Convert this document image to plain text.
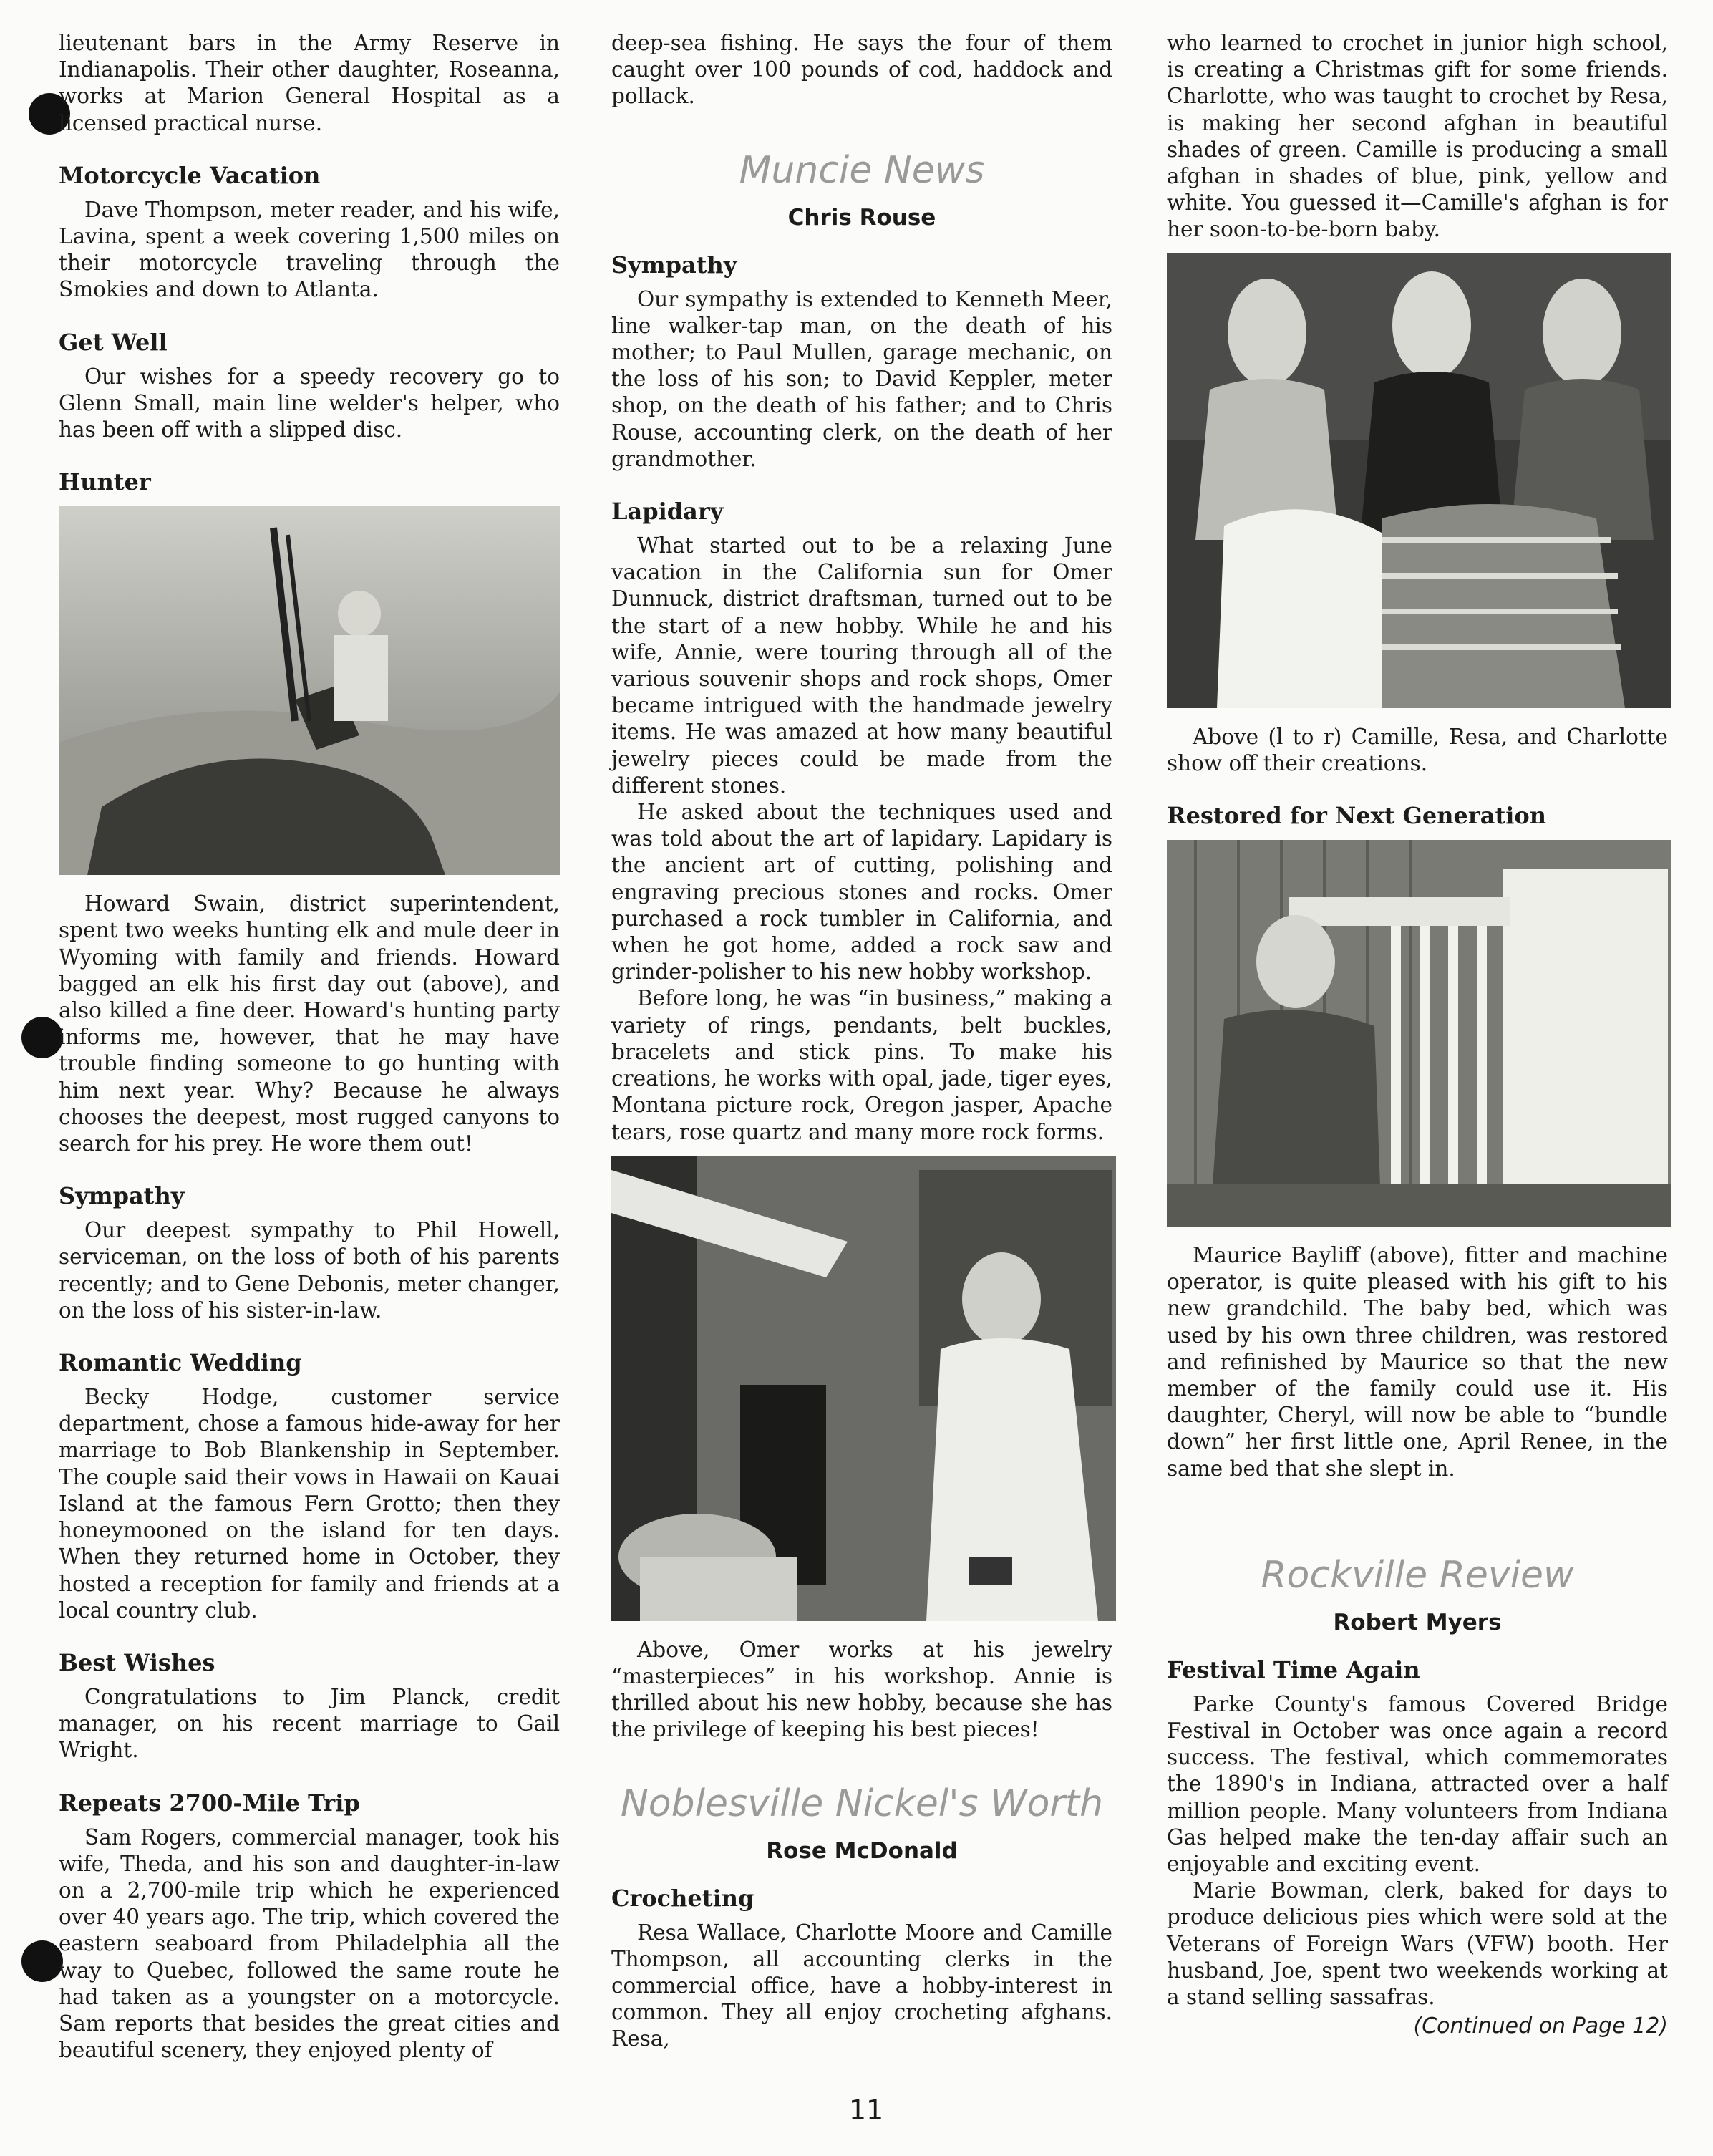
lieutenant bars in the Army Reserve in Indianapolis. Their other daughter, Roseanna, works at Marion General Hospital as a licensed practical nurse.

Motorcycle Vacation

Dave Thompson, meter reader, and his wife, Lavina, spent a week covering 1,500 miles on their motorcycle traveling through the Smokies and down to Atlanta.

Get Well

Our wishes for a speedy recovery go to Glenn Small, main line welder's helper, who has been off with a slipped disc.

Hunter

Howard Swain, district superintendent, spent two weeks hunting elk and mule deer in Wyoming with family and friends. Howard bagged an elk his first day out (above), and also killed a fine deer. Howard's hunting party informs me, however, that he may have trouble finding someone to go hunting with him next year. Why? Because he always chooses the deepest, most rugged canyons to search for his prey. He wore them out!

Sympathy

Our deepest sympathy to Phil Howell, serviceman, on the loss of both of his parents recently; and to Gene Debonis, meter changer, on the loss of his sister-in-law.

Romantic Wedding

Becky Hodge, customer service department, chose a famous hide-away for her marriage to Bob Blankenship in September. The couple said their vows in Hawaii on Kauai Island at the famous Fern Grotto; then they honeymooned on the island for ten days. When they returned home in October, they hosted a reception for family and friends at a local country club.

Best Wishes

Congratulations to Jim Planck, credit manager, on his recent marriage to Gail Wright.

Repeats 2700-Mile Trip

Sam Rogers, commercial manager, took his wife, Theda, and his son and daughter-in-law on a 2,700-mile trip which he experienced over 40 years ago. The trip, which covered the eastern seaboard from Philadelphia all the way to Quebec, followed the same route he had taken as a youngster on a motorcycle. Sam reports that besides the great cities and beautiful scenery, they enjoyed plenty of

deep-sea fishing. He says the four of them caught over 100 pounds of cod, haddock and pollack.

Muncie News
Chris Rouse
Sympathy

Our sympathy is extended to Kenneth Meer, line walker-tap man, on the death of his mother; to Paul Mullen, garage mechanic, on the loss of his son; to David Keppler, meter shop, on the death of his father; and to Chris Rouse, accounting clerk, on the death of her grandmother.

Lapidary

What started out to be a relaxing June vacation in the California sun for Omer Dunnuck, district draftsman, turned out to be the start of a new hobby. While he and his wife, Annie, were touring through all of the various souvenir shops and rock shops, Omer became intrigued with the handmade jewelry items. He was amazed at how many beautiful jewelry pieces could be made from the different stones.

He asked about the techniques used and was told about the art of lapidary. Lapidary is the ancient art of cutting, polishing and engraving precious stones and rocks. Omer purchased a rock tumbler in California, and when he got home, added a rock saw and grinder-polisher to his new hobby workshop.

Before long, he was “in business,” making a variety of rings, pendants, belt buckles, bracelets and stick pins. To make his creations, he works with opal, jade, tiger eyes, Montana picture rock, Oregon jasper, Apache tears, rose quartz and many more rock forms.

Above, Omer works at his jewelry “masterpieces” in his workshop. Annie is thrilled about his new hobby, because she has the privilege of keeping his best pieces!

Noblesville Nickel's Worth
Rose McDonald
Crocheting

Resa Wallace, Charlotte Moore and Camille Thompson, all accounting clerks in the commercial office, have a hobby-interest in common. They all enjoy crocheting afghans. Resa,

who learned to crochet in junior high school, is creating a Christmas gift for some friends. Charlotte, who was taught to crochet by Resa, is making her second afghan in beautiful shades of green. Camille is producing a small afghan in shades of blue, pink, yellow and white. You guessed it—Camille's afghan is for her soon-to-be-born baby.

Above (l to r) Camille, Resa, and Charlotte show off their creations.

Restored for Next Generation

Maurice Bayliff (above), fitter and machine operator, is quite pleased with his gift to his new grandchild. The baby bed, which was used by his own three children, was restored and refinished by Maurice so that the new member of the family could use it. His daughter, Cheryl, will now be able to “bundle down” her first little one, April Renee, in the same bed that she slept in.

Rockville Review
Robert Myers
Festival Time Again

Parke County's famous Covered Bridge Festival in October was once again a record success. The festival, which commemorates the 1890's in Indiana, attracted over a half million people. Many volunteers from Indiana Gas helped make the ten-day affair such an enjoyable and exciting event.

Marie Bowman, clerk, baked for days to produce delicious pies which were sold at the Veterans of Foreign Wars (VFW) booth. Her husband, Joe, spent two weekends working at a stand selling sassafras.

(Continued on Page 12)
11
